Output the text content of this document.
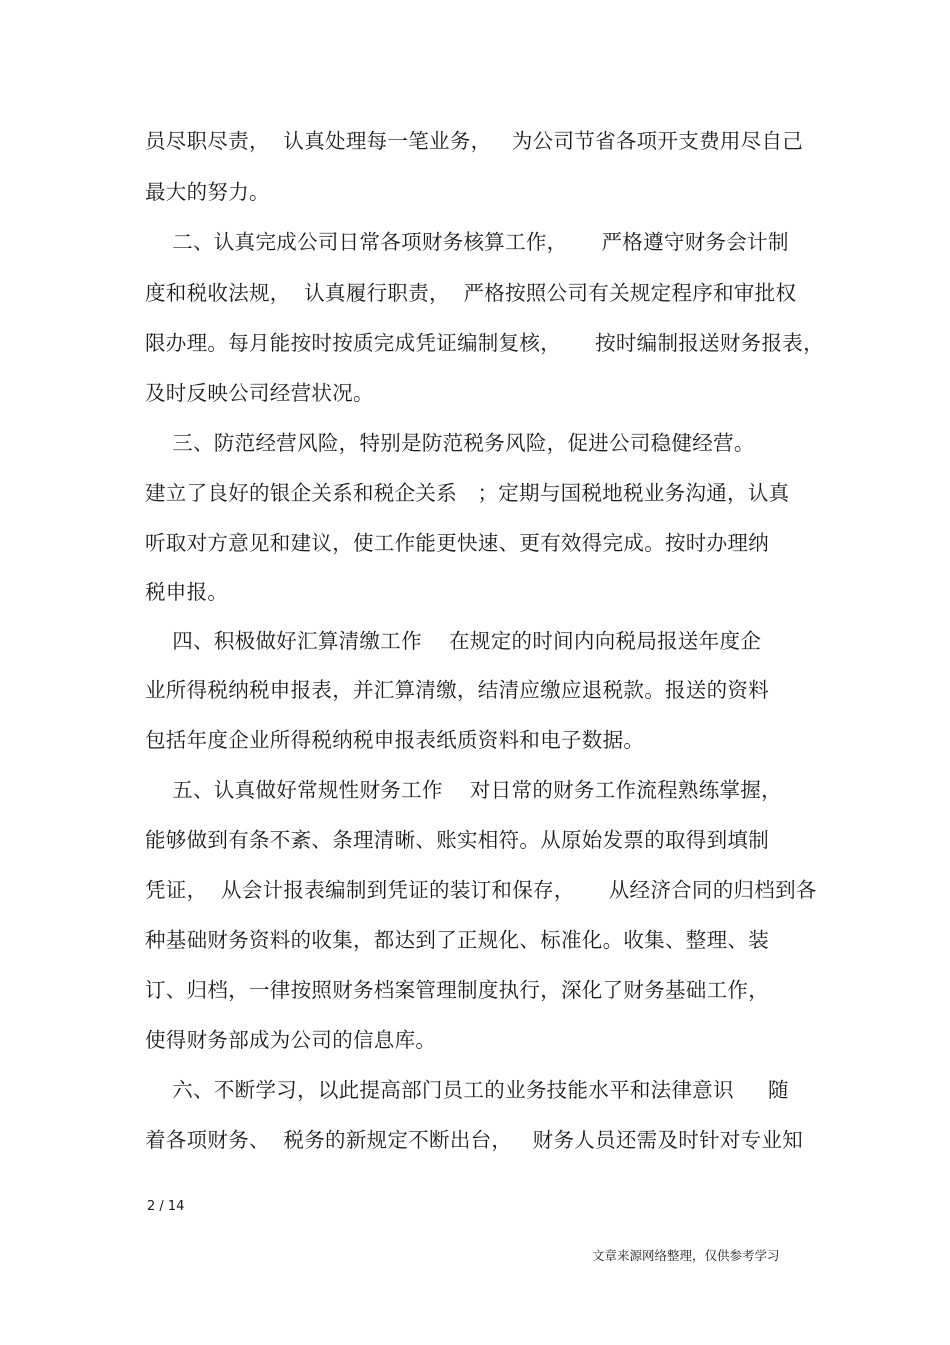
员尽职尽责，  认真处理每一笔业务，   为公司节省各项开支费用尽自己
最大的努力。
二、认真完成公司日常各项财务核算工作，     严格遵守财务会计制
度和税收法规，  认真履行职责，  严格按照公司有关规定程序和审批权
限办理。每月能按时按质完成凭证编制复核，     按时编制报送财务报表，
及时反映公司经营状况。
三、防范经营风险，特别是防范税务风险，促进公司稳健经营。
建立了良好的银企关系和税企关系   ；定期与国税地税业务沟通，认真
听取对方意见和建议，使工作能更快速、更有效得完成。按时办理纳
税申报。
四、积极做好汇算清缴工作    在规定的时间内向税局报送年度企
业所得税纳税申报表，并汇算清缴，结清应缴应退税款。报送的资料
包括年度企业所得税纳税申报表纸质资料和电子数据。
五、认真做好常规性财务工作    对日常的财务工作流程熟练掌握，
能够做到有条不紊、条理清晰、账实相符。从原始发票的取得到填制
凭证，  从会计报表编制到凭证的装订和保存，     从经济合同的归档到各
种基础财务资料的收集，都达到了正规化、标准化。收集、整理、装
订、归档，一律按照财务档案管理制度执行，深化了财务基础工作，
使得财务部成为公司的信息库。
六、不断学习，以此提高部门员工的业务技能水平和法律意识     随
着各项财务、  税务的新规定不断出台，   财务人员还需及时针对专业知
2 / 14
文章来源网络整理，仅供参考学习
